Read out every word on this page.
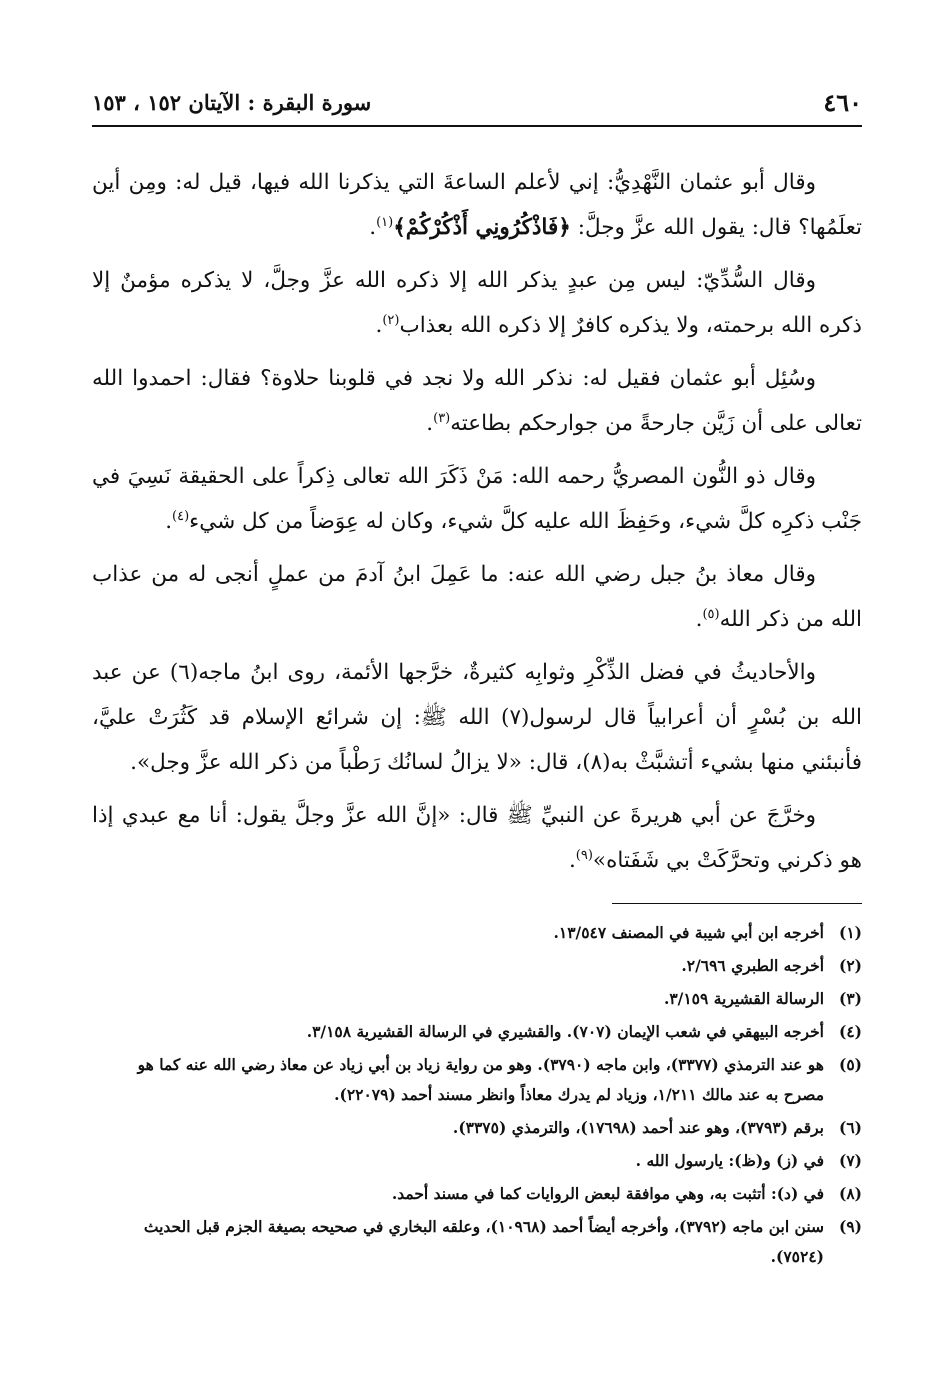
٤٦٠
سورة البقرة : الآيتان ١٥٢ ، ١٥٣

وقال أبو عثمان النَّهْدِيُّ: إني لأعلم الساعةَ التي يذكرنا الله فيها، قيل له: ومِن أين تعلَمُها؟ قال: يقول الله عزَّ وجلَّ: ﴿فَاذْكُرُونِي أَذْكُرْكُمْ﴾$^{(١)}$.

وقال السُّدِّيّ: ليس مِن عبدٍ يذكر الله إلا ذكره الله عزَّ وجلَّ، لا يذكره مؤمنٌ إلا ذكره الله برحمته، ولا يذكره كافرٌ إلا ذكره الله بعذاب$^{(٢)}$.

وسُئِل أبو عثمان فقيل له: نذكر الله ولا نجد في قلوبنا حلاوة؟ فقال: احمدوا الله تعالى على أن زَيَّن جارحةً من جوارحكم بطاعته$^{(٣)}$.

وقال ذو النُّون المصريُّ رحمه الله: مَنْ ذَكَرَ الله تعالى ذِكراً على الحقيقة نَسِيَ في جَنْب ذكرِه كلَّ شيء، وحَفِظَ الله عليه كلَّ شيء، وكان له عِوَضاً من كل شيء$^{(٤)}$.

وقال معاذ بنُ جبل رضي الله عنه: ما عَمِلَ ابنُ آدمَ من عملٍ أنجى له من عذاب الله من ذكر الله$^{(٥)}$.

والأحاديثُ في فضل الذِّكْرِ وثوابِه كثيرةٌ، خرَّجها الأئمة، روى ابنُ ماجه(٦) عن عبد الله بن بُسْرٍ أن أعرابياً قال لرسول(٧) الله ﷺ: إن شرائع الإسلام قد كَثُرَتْ عليَّ، فأنبئني منها بشيء أتشبَّثْ به(٨)، قال: «لا يزالُ لسانُك رَطْباً من ذكر الله عزَّ وجل».

وخرَّجَ عن أبي هريرةَ عن النبيِّ ﷺ قال: «إنَّ الله عزَّ وجلَّ يقول: أنا مع عبدي إذا هو ذكرني وتحرَّكَتْ بي شَفَتاه»$^{(٩)}$.

(١)
أخرجه ابن أبي شيبة في المصنف ١٣/٥٤٧.
(٢)
أخرجه الطبري ٢/٦٩٦.
(٣)
الرسالة القشيرية ٣/١٥٩.
(٤)
أخرجه البيهقي في شعب الإيمان (٧٠٧). والقشيري في الرسالة القشيرية ٣/١٥٨.
(٥)
هو عند الترمذي (٣٣٧٧)، وابن ماجه (٣٧٩٠). وهو من رواية زياد بن أبي زياد عن معاذ رضي الله عنه كما هو مصرح به عند مالك ١/٢١١، وزياد لم يدرك معاذاً وانظر مسند أحمد (٢٢٠٧٩).
(٦)
برقم (٣٧٩٣)، وهو عند أحمد (١٧٦٩٨)، والترمذي (٣٣٧٥).
(٧)
في (ز) و(ظ): يارسول الله .
(٨)
في (د): أتثبت به، وهي موافقة لبعض الروايات كما في مسند أحمد.
(٩)
سنن ابن ماجه (٣٧٩٢)، وأخرجه أيضاً أحمد (١٠٩٦٨)، وعلقه البخاري في صحيحه بصيغة الجزم قبل الحديث (٧٥٢٤).
